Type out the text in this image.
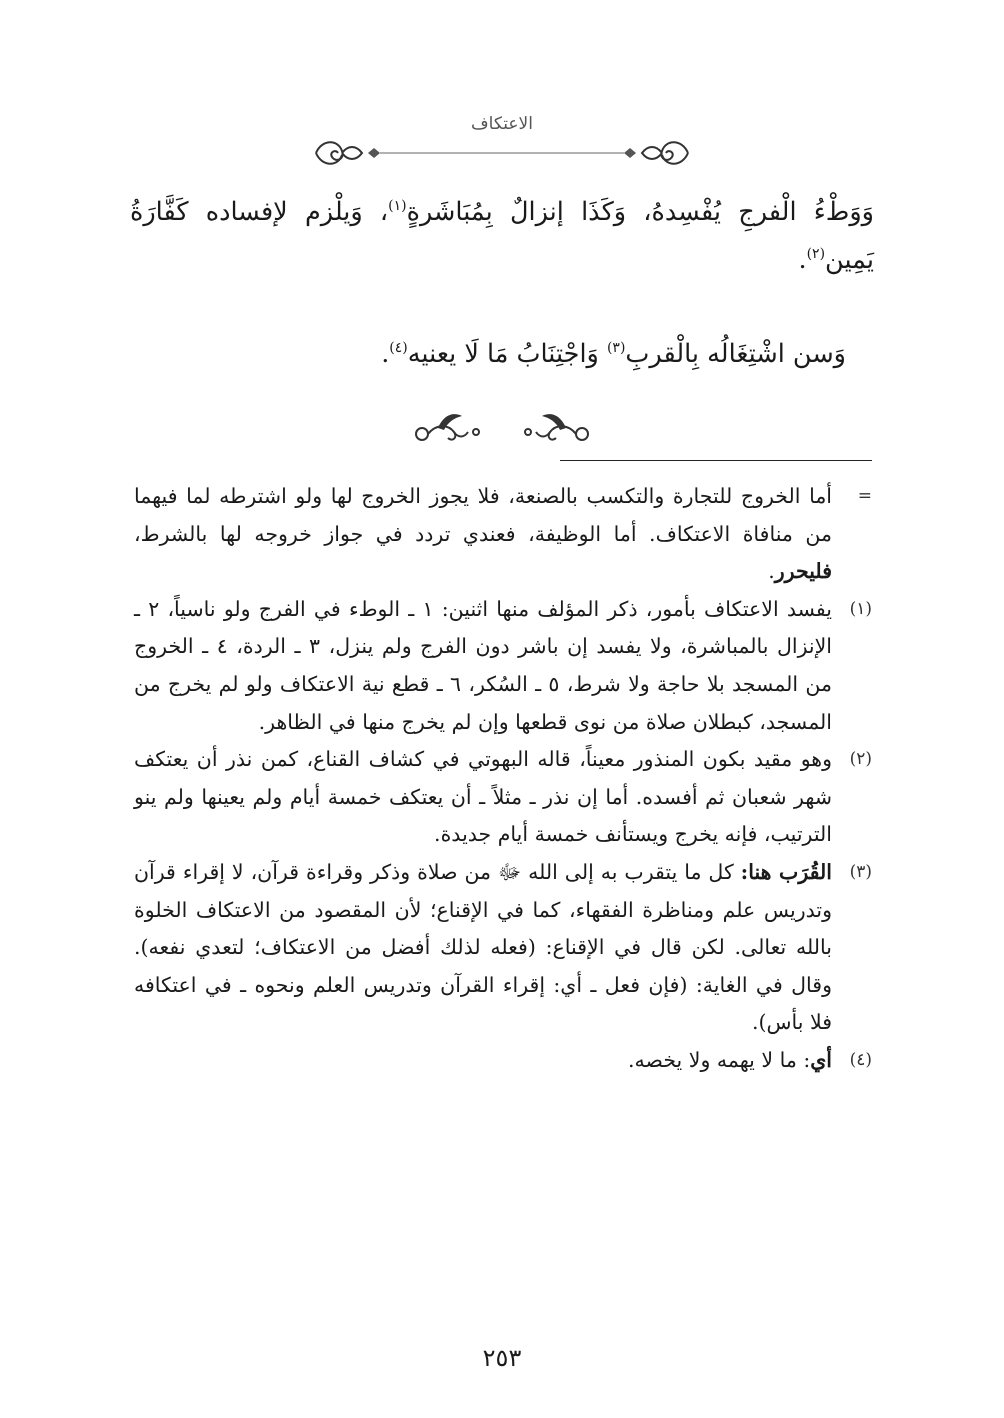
الاعتكاف

وَوَطْءُ الْفرجِ يُفْسِدهُ، وَكَذَا إنزالٌ بِمُبَاشَرةٍ$^{(١)}$، وَيلْزم لإفساده كَفَّارَةُ يَمِين$^{(٢)}$.

وَسن اشْتِغَالُه بِالْقربِ$^{(٣)}$ وَاجْتِنَابُ مَا لَا يعنيه$^{(٤)}$.

=
أما الخروج للتجارة والتكسب بالصنعة، فلا يجوز الخروج لها ولو اشترطه لما فيهما من منافاة الاعتكاف. أما الوظيفة، فعندي تردد في جواز خروجه لها بالشرط، فليحرر.

(١)
يفسد الاعتكاف بأمور، ذكر المؤلف منها اثنين: ١ ـ الوطء في الفرج ولو ناسياً، ٢ ـ الإنزال بالمباشرة، ولا يفسد إن باشر دون الفرج ولم ينزل، ٣ ـ الردة، ٤ ـ الخروج من المسجد بلا حاجة ولا شرط، ٥ ـ السُكر، ٦ ـ قطع نية الاعتكاف ولو لم يخرج من المسجد، كبطلان صلاة من نوى قطعها وإن لم يخرج منها في الظاهر.

(٢)
وهو مقيد بكون المنذور معيناً، قاله البهوتي في كشاف القناع، كمن نذر أن يعتكف شهر شعبان ثم أفسده. أما إن نذر ـ مثلاً ـ أن يعتكف خمسة أيام ولم يعينها ولم ينو الترتيب، فإنه يخرج ويستأنف خمسة أيام جديدة.

(٣)
القُرَب هنا: كل ما يتقرب به إلى الله ﷻ من صلاة وذكر وقراءة قرآن، لا إقراء قرآن وتدريس علم ومناظرة الفقهاء، كما في الإقناع؛ لأن المقصود من الاعتكاف الخلوة بالله تعالى. لكن قال في الإقناع: (فعله لذلك أفضل من الاعتكاف؛ لتعدي نفعه). وقال في الغاية: (فإن فعل ـ أي: إقراء القرآن وتدريس العلم ونحوه ـ في اعتكافه فلا بأس).

(٤)
أي: ما لا يهمه ولا يخصه.

٢٥٣
